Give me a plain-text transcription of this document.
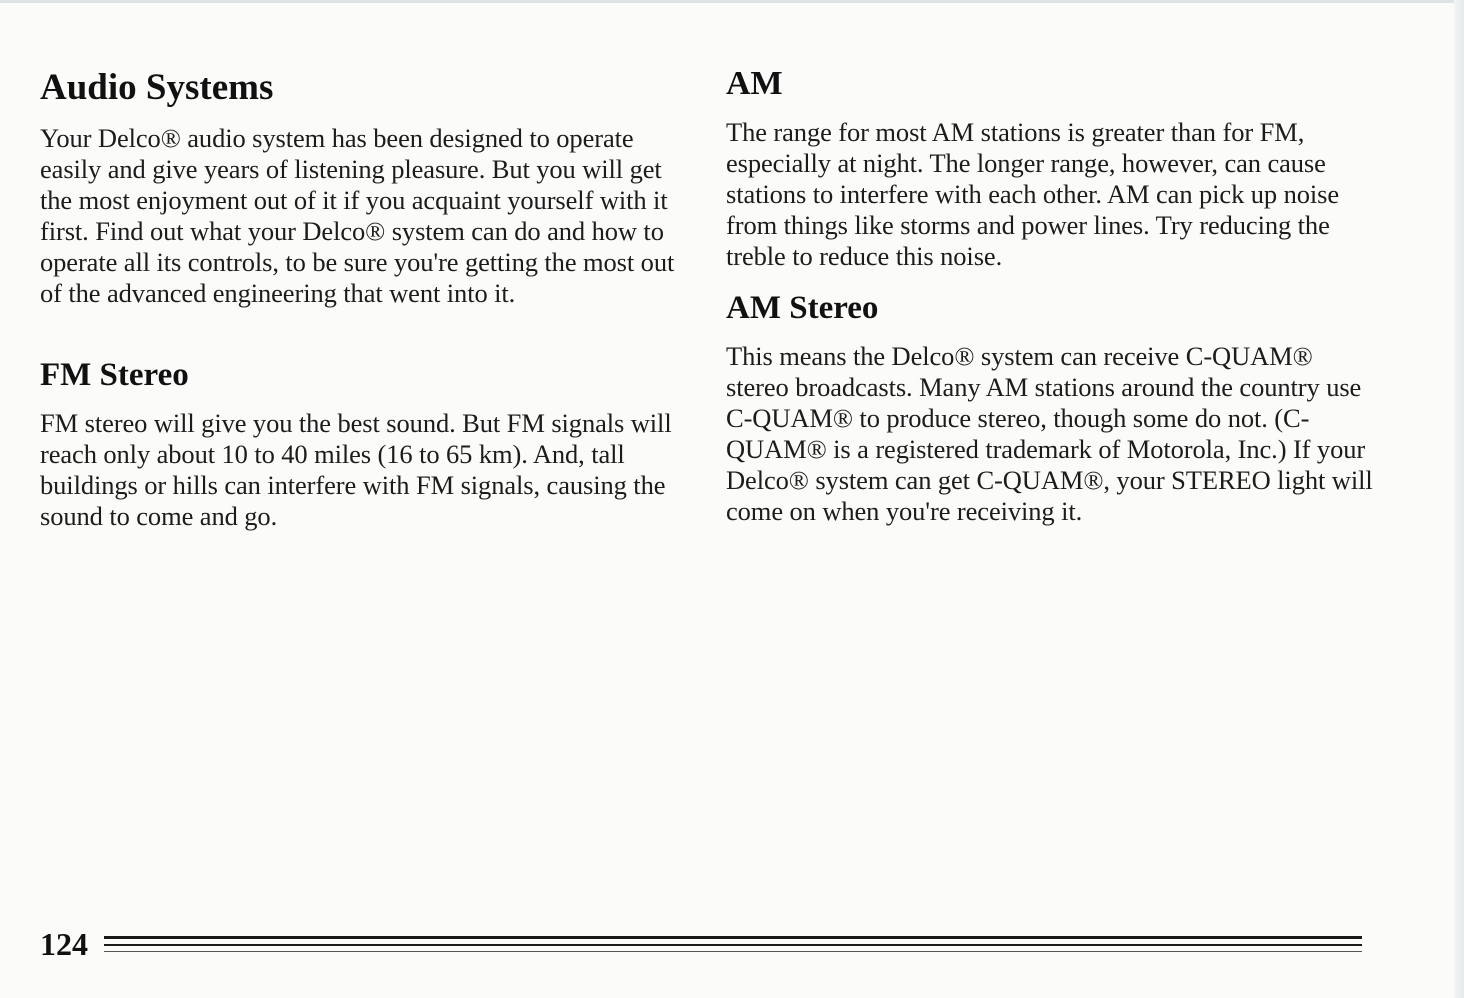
Audio Systems

Your Delco® audio system has been designed to operate easily and give years of listening pleasure. But you will get the most enjoyment out of it if you acquaint yourself with it first. Find out what your Delco® system can do and how to operate all its controls, to be sure you're getting the most out of the advanced engineering that went into it.

FM Stereo

FM stereo will give you the best sound. But FM signals will reach only about 10 to 40 miles (16 to 65 km). And, tall buildings or hills can interfere with FM signals, causing the sound to come and go.

AM

The range for most AM stations is greater than for FM, especially at night. The longer range, however, can cause stations to interfere with each other. AM can pick up noise from things like storms and power lines. Try reducing the treble to reduce this noise.

AM Stereo

This means the Delco® system can receive C-QUAM® stereo broadcasts. Many AM stations around the country use C-QUAM® to produce stereo, though some do not. (C-QUAM® is a registered trademark of Motorola, Inc.) If your Delco® system can get C-QUAM®, your STEREO light will come on when you're receiving it.

124
